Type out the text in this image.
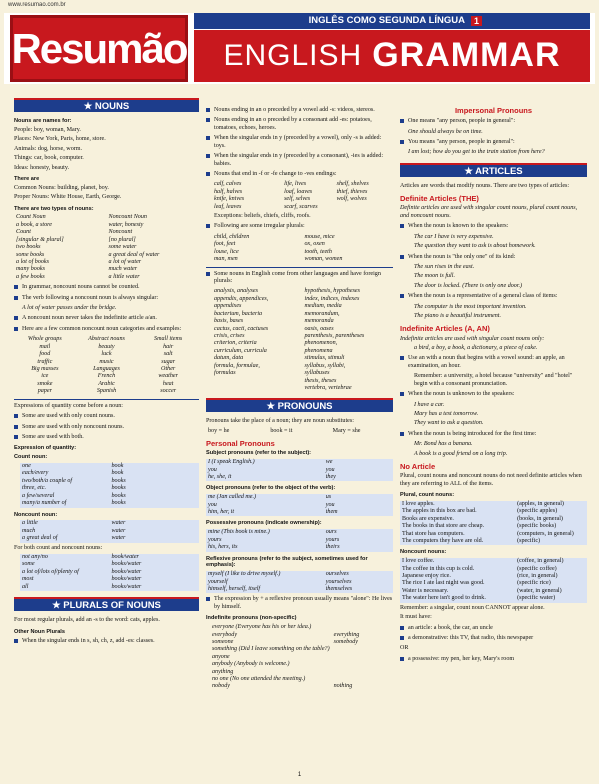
www.resumao.com.br
Resumão
INGLÊS COMO SEGUNDA LÍNGUA	1
ENGLISH GRAMMAR
★ NOUNS

Nouns are names for:

People: boy, woman, Mary.

Places: New York, Paris, home, store.

Animals: dog, horse, worm.

Things: car, book, computer.

Ideas: honesty, beauty.

There are

Common Nouns: building, planet, boy.

Proper Nouns: White House, Earth, George.

There are two types of nouns:

Count Noun	Noncount Noun
a book, a store	water, honesty
Count	Noncount
[singular & plural]	[no plural]
two books	some water
some books	a great deal of water
a lot of books	a lot of water
many books	much water
a few books	a little water
In grammar, noncount nouns cannot be counted.
The verb following a noncount noun is always singular:

A lot of water passes under the bridge.

A noncount noun never takes the indefinite article a/an.
Here are a few common noncount noun categories and examples:
Whole groups	Abstract nouns	Small items
mail	beauty	hair
food	luck	salt
traffic	music	sugar
Big masses	Languages	Other
ice	French	weather
smoke	Arabic	heat
paper	Spanish	soccer

Expressions of quantity come before a noun:

Some are used with only count nouns.
Some are used with only noncount nouns.
Some are used with both.

Expression of quantity:

Count noun:

one	book
each/every	book
two/both/a couple of	books
three, etc.	books
a few/several	books
many/a number of	books

Noncount noun:

a little	water
much	water
a great deal of	water

For both count and noncount nouns:

not any/no	book/water
some	books/water
a lot of/lots of/plenty of	books/water
most	books/water
all	books/water
★ PLURALS OF NOUNS

For most regular plurals, add an -s to the word: cats, apples.

Other Noun Plurals

When the singular ends in s, sh, ch, z, add -es: classes.
Nouns ending in an o preceded by a vowel add -s: videos, stereos.
Nouns ending in an o preceded by a consonant add -es: potatoes, tomatoes, echoes, heroes.
When the singular ends in y (preceded by a vowel), only -s is added: toys.
When the singular ends in y (preceded by a consonant), -ies is added: babies.
Nouns that end in -f or -fe change to -ves endings:
calf, calves	life, lives	shelf, shelves
half, halves	loaf, loaves	thief, thieves
knife, knives	self, selves	wolf, wolves
leaf, leaves	scarf, scarves

Exceptions: beliefs, chiefs, cliffs, roofs.

Following are some irregular plurals:
child, children	mouse, mice
foot, feet	ox, oxen
louse, lice	tooth, teeth
man, men	woman, women
Some nouns in English come from other languages and have foreign plurals:
analysis, analyses	hypothesis, hypotheses
appendix, appendices,	index, indices, indexes
appendixes	medium, media
bacterium, bacteria	memorandum,
basis, bases	memoranda
cactus, cacti, cactuses	oasis, oases
crisis, crises	parenthesis, parentheses
criterion, criteria	phenomenon,
curriculum, curricula	phenomena
datum, data	stimulus, stimuli
formula, formulae,	syllabus, syllabi,
formulas	syllabuses
thesis, theses
vertebra, vertebrae
★ PRONOUNS

Pronouns take the place of a noun; they are noun substitutes:

boy = he	book = it	Mary = she

Personal Pronouns

Subject pronouns (refer to the subject):

I (I speak English.)	we
you	you
he, she, it	they

Object pronouns (refer to the object of the verb):

me (Jan called me.)	us
you	you
him, her, it	them

Possessive pronouns (indicate ownership):

mine (This book is mine.)	ours
yours	yours
his, hers, its	theirs

Reflexive pronouns (refer to the subject, sometimes used for emphasis):

myself (I like to drive myself.)	ourselves
yourself	yourselves
himself, herself, itself	themselves
The expression by + a reflexive pronoun usually means "alone": He lives by himself.

Indefinite pronouns (non-specific)

everyone (Everyone has his or her idea.)
everybody	everything
someone	somebody
something (Did I leave something on the table?)
anyone
anybody (Anybody is welcome.)
anything
no one (No one attended the meeting.)
nobody	nothing

Impersonal Pronouns

One means "any person, people in general":

One should always be on time.

You means "any person, people in general":

I am lost; how do you get to the train station from here?

★ ARTICLES

Articles are words that modify nouns. There are two types of articles:

Definite Articles (THE)

Definite articles are used with singular count nouns, plural count nouns, and noncount nouns.

When the noun is known to the speakers:

The car I have is very expensive.

The question they want to ask is about homework.

When the noun is "the only one" of its kind:

The sun rises in the east.

The moon is full.

The door is locked. (There is only one door.)

When the noun is a representative of a general class of items:

The computer is the most important invention.

The piano is a beautiful instrument.

Indefinite Articles (A, AN)

Indefinite articles are used with singular count nouns only:

a bird, a boy, a book, a dictionary, a piece of cake.

Use an with a noun that begins with a vowel sound: an apple, an examination, an hour.

Remember: a university, a hotel because "university" and "hotel" begin with a consonant pronunciation.

When the noun is unknown to the speakers:

I have a car.

Mary has a test tomorrow.

They want to ask a question.

When the noun is being introduced for the first time:

Mr. Bond has a banana.

A book is a good friend on a long trip.

No Article

Plural, count nouns and noncount nouns do not need definite articles when they are referring to ALL of the items.

Plural, count nouns:

I love apples.	(apples, in general)
The apples in this box are bad.	(specific apples)
Books are expensive.	(books, in general)
The books in that store are cheap.	(specific books)
That store has computers.	(computers, in general)
The computers they have are old.	(specific)

Noncount nouns:

I love coffee.	(coffee, in general)
The coffee in this cup is cold.	(specific coffee)
Japanese enjoy rice.	(rice, in general)
The rice I ate last night was good.	(specific rice)
Water is necessary.	(water, in general)
The water here isn't good to drink.	(specific water)

Remember: a singular, count noun CANNOT appear alone.

It must have:

an article: a book, the car, an uncle
a demonstrative: this TV, that radio, this newspaper

OR

a possessive: my pen, her key, Mary's room
1
